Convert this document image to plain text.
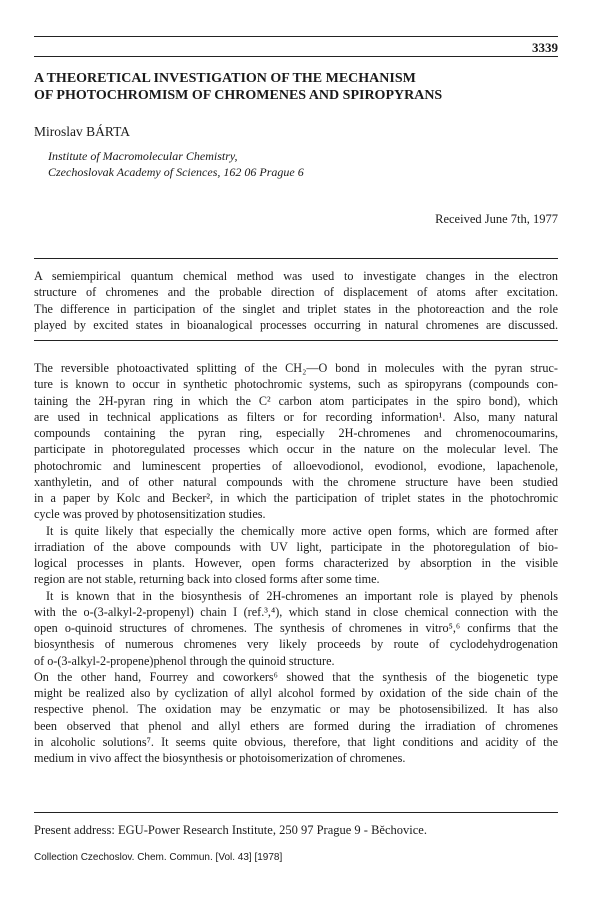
3339
A THEORETICAL INVESTIGATION OF THE MECHANISM
OF PHOTOCHROMISM OF CHROMENES AND SPIROPYRANS
Miroslav BÁRTA
Institute of Macromolecular Chemistry,
Czechoslovak Academy of Sciences, 162 06 Prague 6
Received June 7th, 1977
A semiempirical quantum chemical method was used to investigate changes in the electron
structure of chromenes and the probable direction of displacement of atoms after excitation.
The difference in participation of the singlet and triplet states in the photoreaction and the role
played by excited states in bioanalogical processes occurring in natural chromenes are discussed.
The reversible photoactivated splitting of the CH₂—O bond in molecules with the pyran struc-
ture is known to occur in synthetic photochromic systems, such as spiropyrans (compounds con-
taining the 2H-pyran ring in which the C² carbon atom participates in the spiro bond), which
are used in technical applications as filters or for recording information¹. Also, many natural
compounds containing the pyran ring, especially 2H-chromenes and chromenocoumarins,
participate in photoregulated processes which occur in the nature on the molecular level. The
photochromic and luminescent properties of alloevodionol, evodionol, evodione, lapachenole,
xanthyletin, and of other natural compounds with the chromene structure have been studied
in a paper by Kolc and Becker², in which the participation of triplet states in the photochromic
cycle was proved by photosensitization studies.
It is quite likely that especially the chemically more active open forms, which are formed after
irradiation of the above compounds with UV light, participate in the photoregulation of bio-
logical processes in plants. However, open forms characterized by absorption in the visible
region are not stable, returning back into closed forms after some time.
It is known that in the biosynthesis of 2H-chromenes an important role is played by phenols
with the o-(3-alkyl-2-propenyl) chain I (ref.³,⁴), which stand in close chemical connection with the
open o-quinoid structures of chromenes. The synthesis of chromenes in vitro⁵,⁶ confirms that the
biosynthesis of numerous chromenes very likely proceeds by route of cyclodehydrogenation
of o-(3-alkyl-2-propene)phenol through the quinoid structure.
On the other hand, Fourrey and coworkers⁶ showed that the synthesis of the biogenetic type
might be realized also by cyclization of allyl alcohol formed by oxidation of the side chain of the
respective phenol. The oxidation may be enzymatic or may be photosensibilized. It has also
been observed that phenol and allyl ethers are formed during the irradiation of chromenes
in alcoholic solutions⁷. It seems quite obvious, therefore, that light conditions and acidity of the
medium in vivo affect the biosynthesis or photoisomerization of chromenes.
Present address: EGU-Power Research Institute, 250 97 Prague 9 - Běchovice.
Collection Czechoslov. Chem. Commun. [Vol. 43] [1978]
